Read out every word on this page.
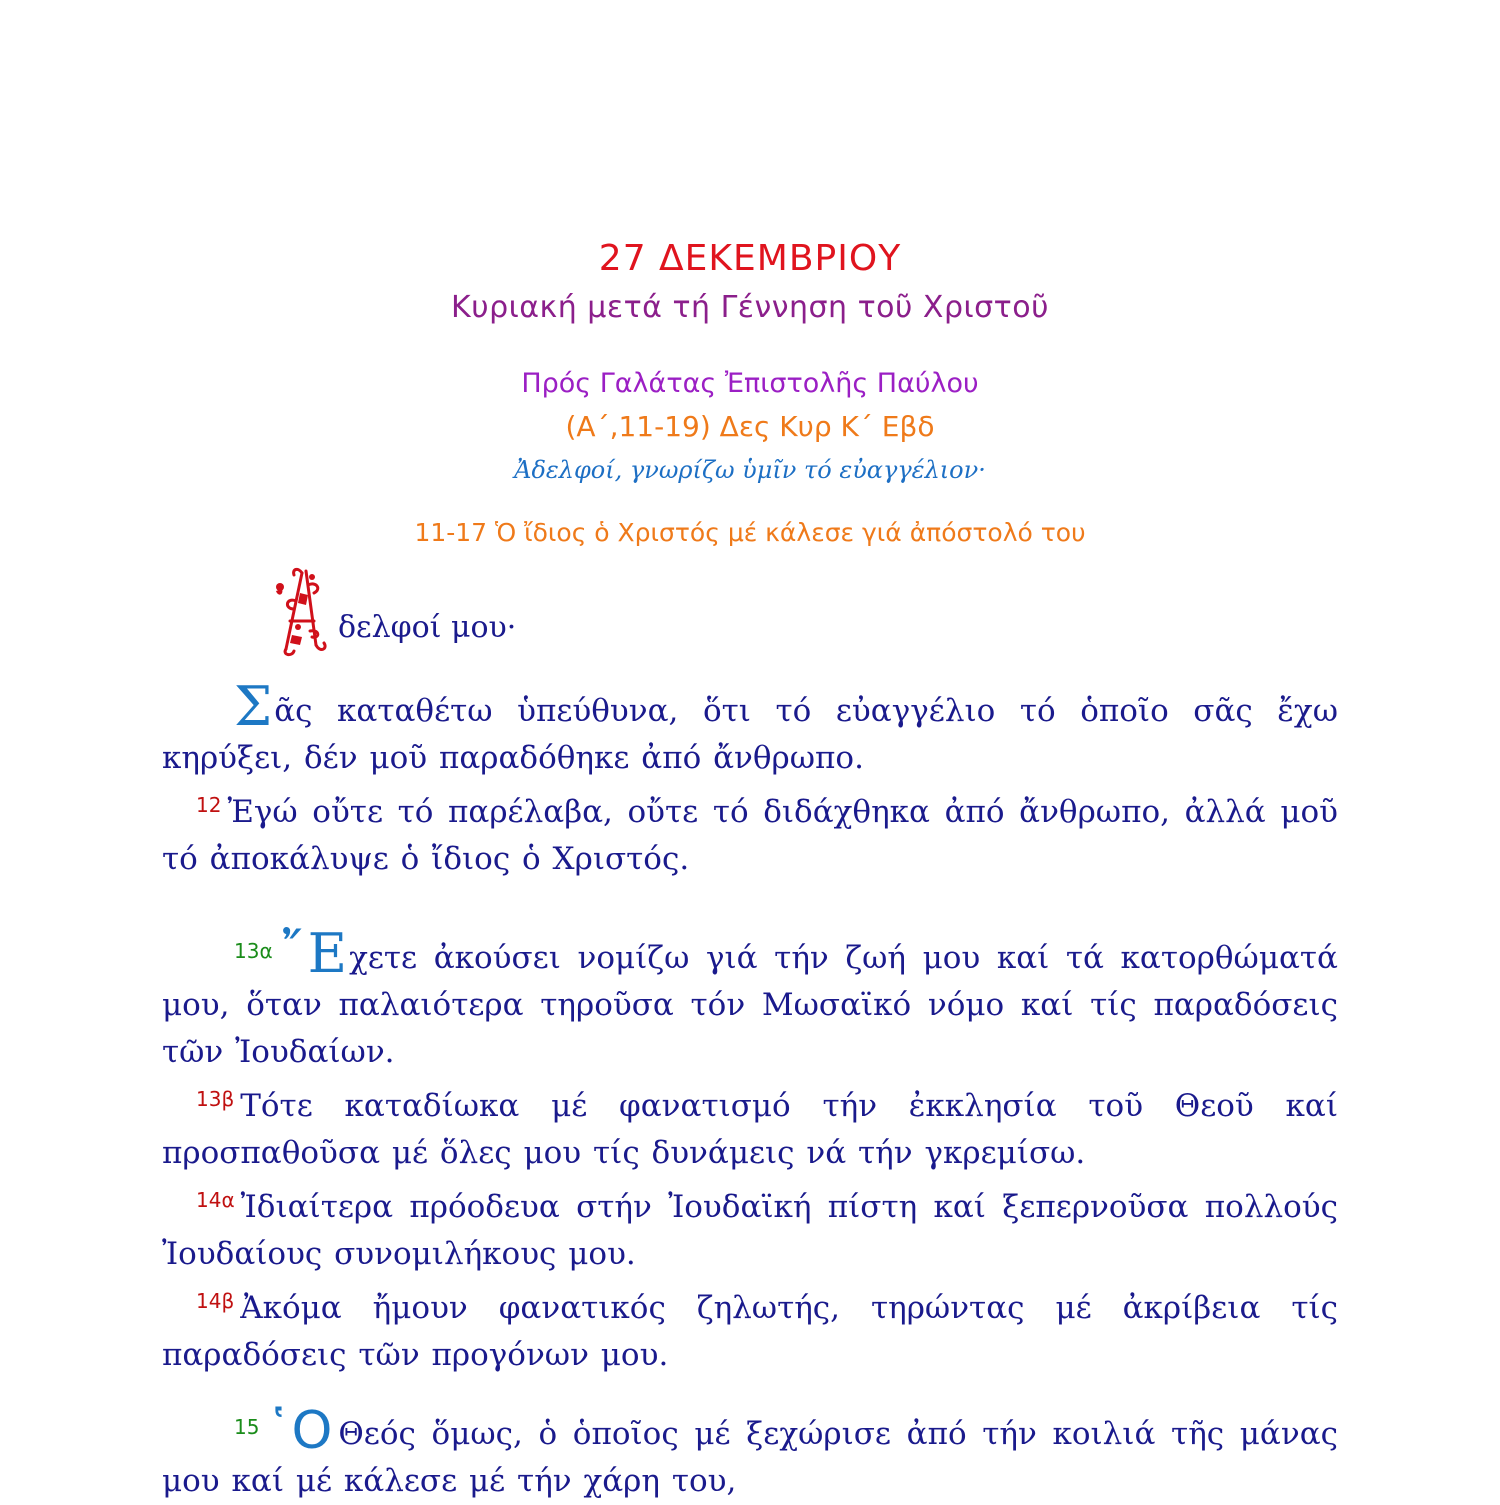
27 ΔΕΚΕΜΒΡΙΟΥ
Κυριακή μετά τή Γέννηση τοῦ Χριστοῦ
Πρός Γαλάτας Ἐπιστολῆς Παύλου
(Α΄,11-19) Δες Κυρ Κ΄ Εβδ
Ἀδελφοί, γνωρίζω ὑμῖν τό εὐαγγέλιον·
11-17 Ὁ ἴδιος ὁ Χριστός μέ κάλεσε γιά ἀπόστολό του
δελφοί μου·
Σᾶς καταθέτω ὑπεύθυνα, ὅτι τό εὐαγγέλιο τό ὁποῖο σᾶς ἔχω κηρύξει, δέν μοῦ παραδόθηκε ἀπό ἄνθρωπο.
$^{12}$ Ἐγώ οὔτε τό παρέλαβα, οὔτε τό διδάχθηκα ἀπό ἄνθρωπο, ἀλλά μοῦ τό ἀποκάλυψε ὁ ἴδιος ὁ Χριστός.
$^{13\alpha}$ ῎Εχετε ἀκούσει νομίζω γιά τήν ζωή μου καί τά κατορθώματά μου, ὅταν παλαιότερα τηροῦσα τόν Μωσαϊκό νόμο καί τίς παραδόσεις τῶν Ἰουδαίων.
$^{13\beta}$ Τότε καταδίωκα μέ φανατισμό τήν ἐκκλησία τοῦ Θεοῦ καί προσπαθοῦσα μέ ὅλες μου τίς δυνάμεις νά τήν γκρεμίσω.
$^{14\alpha}$ Ἰδιαίτερα πρόοδευα στήν Ἰουδαϊκή πίστη καί ξεπερνοῦσα πολλούς Ἰουδαίους συνομιλήκους μου.
$^{14\beta}$ Ἀκόμα ἤμουν φανατικός ζηλωτής, τηρώντας μέ ἀκρίβεια τίς παραδόσεις τῶν προγόνων μου.
$^{15}$ ῾Ο Θεός ὅμως, ὁ ὁποῖος μέ ξεχώρισε ἀπό τήν κοιλιά τῆς μάνας μου καί μέ κάλεσε μέ τήν χάρη του,
